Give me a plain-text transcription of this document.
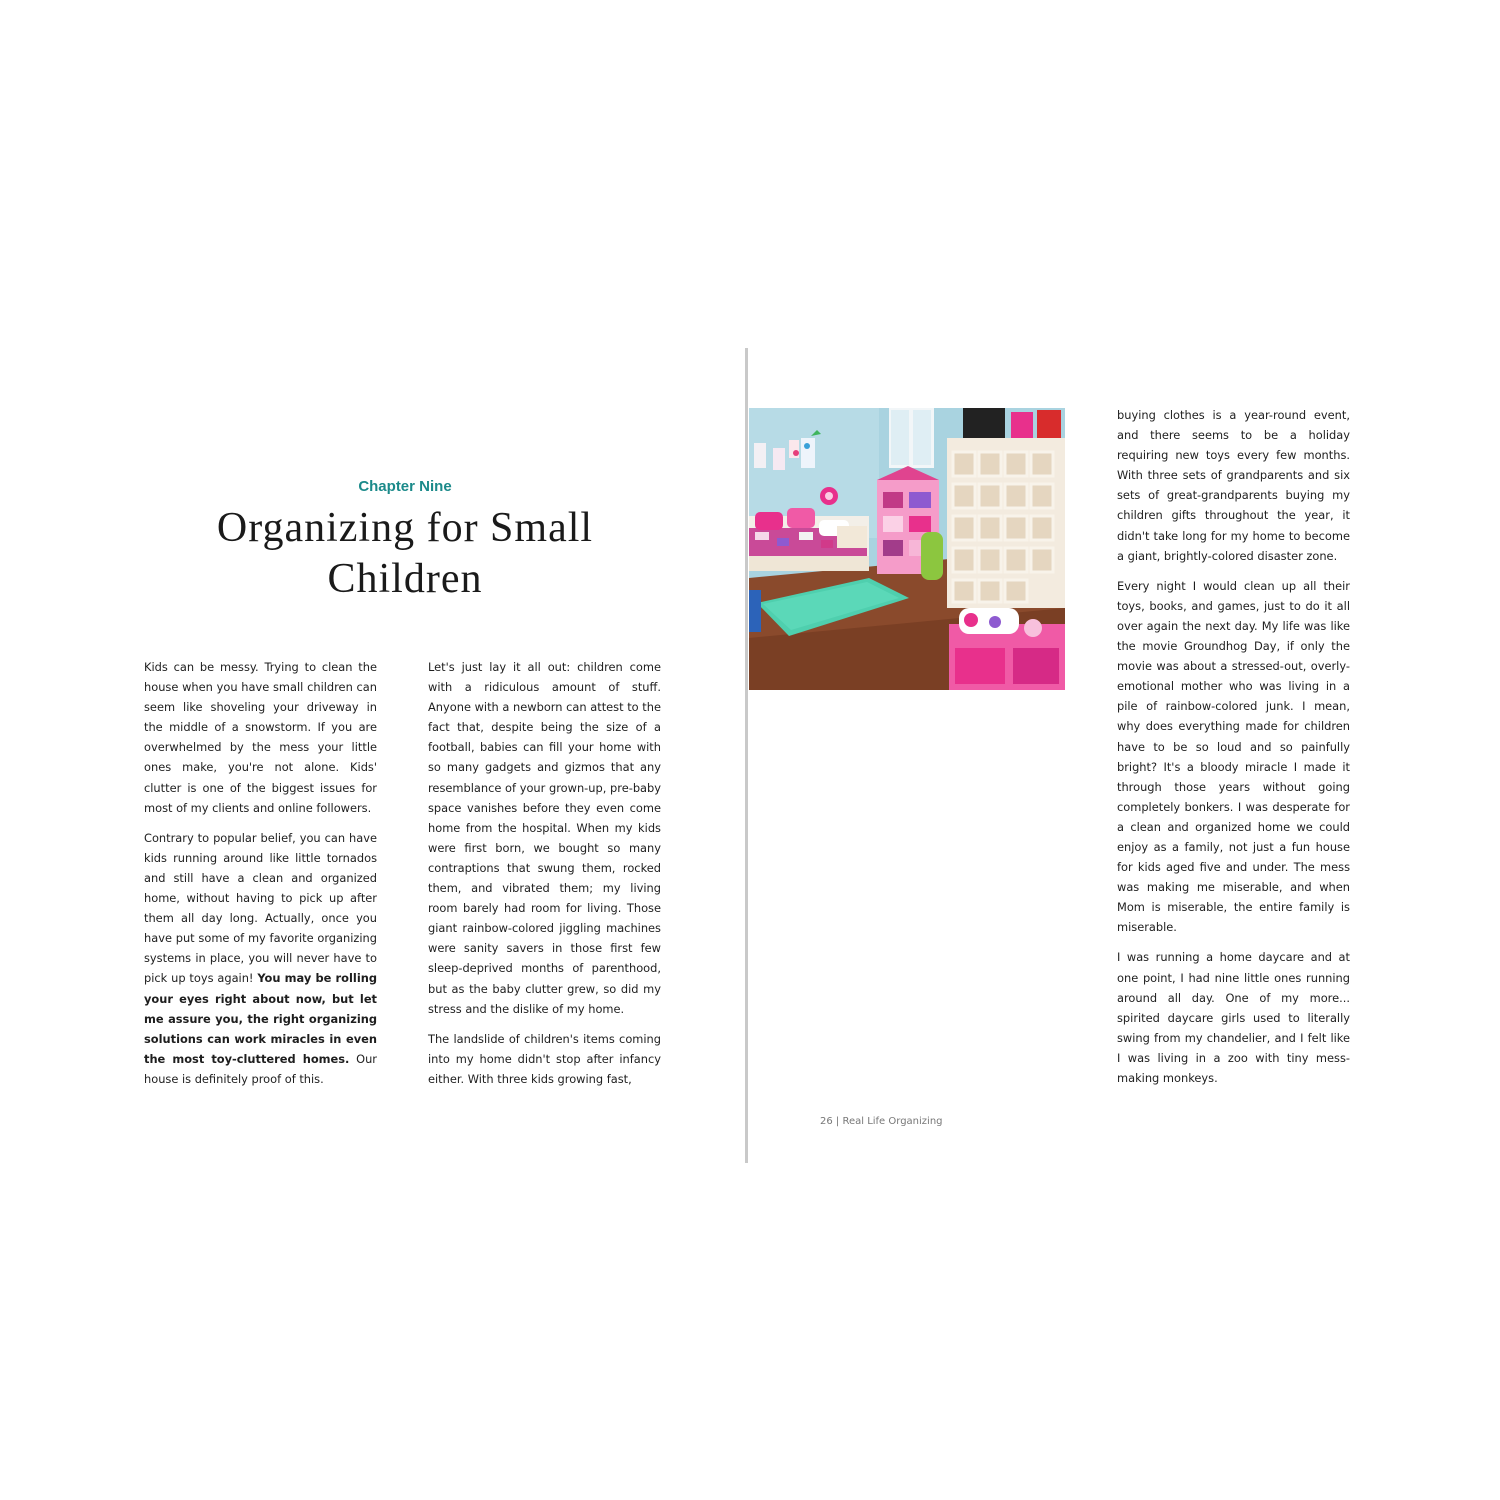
Chapter Nine
Organizing for Small
Children

Kids can be messy. Trying to clean the house when you have small children can seem like shoveling your driveway in the middle of a snowstorm. If you are overwhelmed by the mess your little ones make, you're not alone. Kids' clutter is one of the biggest issues for most of my clients and online followers.

Contrary to popular belief, you can have kids running around like little tornados and still have a clean and organized home, without having to pick up after them all day long. Actually, once you have put some of my favorite organizing systems in place, you will never have to pick up toys again! You may be rolling your eyes right about now, but let me assure you, the right organizing solutions can work miracles in even the most toy-cluttered homes. Our house is definitely proof of this.

Let's just lay it all out: children come with a ridiculous amount of stuff. Anyone with a newborn can attest to the fact that, despite being the size of a football, babies can fill your home with so many gadgets and gizmos that any resemblance of your grown-up, pre-baby space vanishes before they even come home from the hospital. When my kids were first born, we bought so many contraptions that swung them, rocked them, and vibrated them; my living room barely had room for living. Those giant rainbow-colored jiggling machines were sanity savers in those first few sleep-deprived months of parenthood, but as the baby clutter grew, so did my stress and the dislike of my home.

The landslide of children's items coming into my home didn't stop after infancy either. With three kids growing fast,

buying clothes is a year-round event, and there seems to be a holiday requiring new toys every few months. With three sets of grandparents and six sets of great-grandparents buying my children gifts throughout the year, it didn't take long for my home to become a giant, brightly-colored disaster zone.

Every night I would clean up all their toys, books, and games, just to do it all over again the next day. My life was like the movie Groundhog Day, if only the movie was about a stressed-out, overly-emotional mother who was living in a pile of rainbow-colored junk. I mean, why does everything made for children have to be so loud and so painfully bright? It's a bloody miracle I made it through those years without going completely bonkers. I was desperate for a clean and organized home we could enjoy as a family, not just a fun house for kids aged five and under. The mess was making me miserable, and when Mom is miserable, the entire family is miserable.

I was running a home daycare and at one point, I had nine little ones running around all day. One of my more... spirited daycare girls used to literally swing from my chandelier, and I felt like I was living in a zoo with tiny mess-making monkeys.

26 | Real Life Organizing
